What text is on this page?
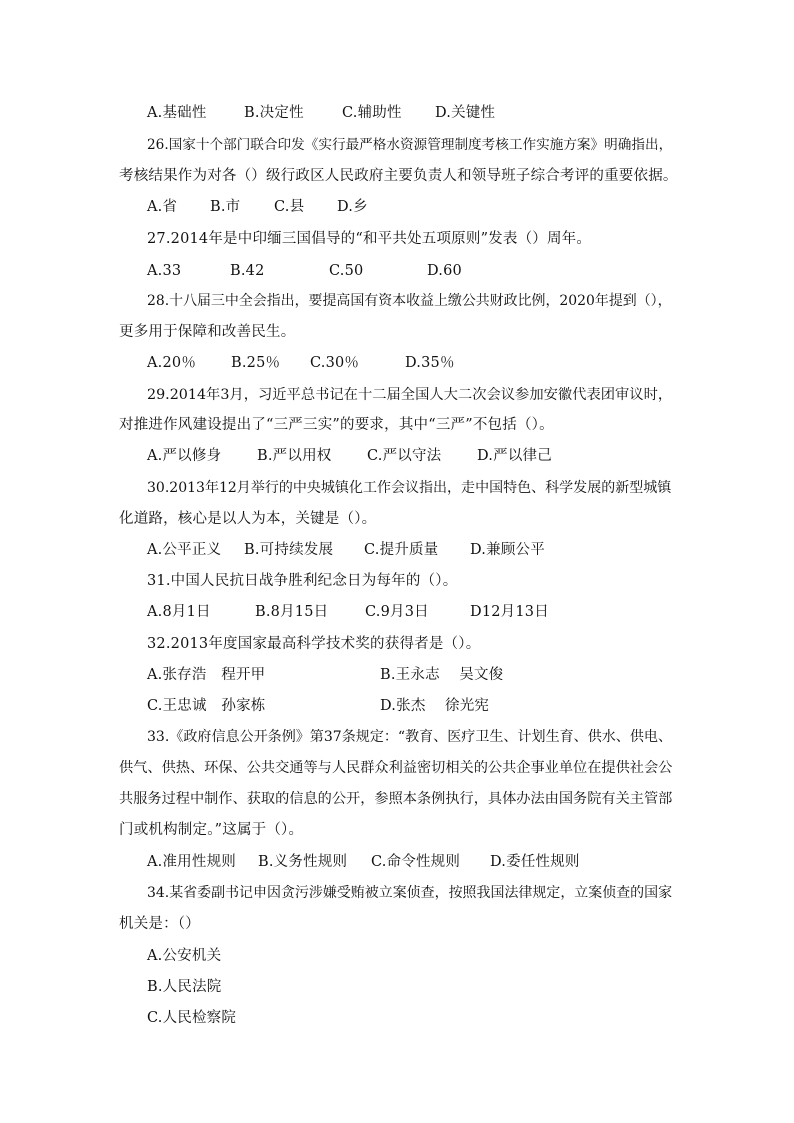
A.基础性	B.决定性	C.辅助性 D.关键性
26.国家十个部门联合印发《实行最严格水资源管理制度考核工作实施方案》明确指出，
考核结果作为对各（）级行政区人民政府主要负责人和领导班子综合考评的重要依据。
A.省 B.市 C.县 D.乡
27.2014年是中印缅三国倡导的“和平共处五项原则”发表（）周年。
A.33	B.42	C.50	D.60
28.十八届三中全会指出，要提高国有资本收益上缴公共财政比例，2020年提到（），
更多用于保障和改善民生。
A.20％ B.25％ C.30％	D.35％
29.2014年3月，习近平总书记在十二届全国人大二次会议参加安徽代表团审议时，
对推进作风建设提出了“三严三实”的要求，其中“三严”不包括（）。
A.严以修身 B.严以用权 C.严以守法 D.严以律己
30.2013年12月举行的中央城镇化工作会议指出，走中国特色、科学发展的新型城镇
化道路，核心是以人为本，关键是（）。
A.公平正义 B.可持续发展 C.提升质量 D.兼顾公平
31.中国人民抗日战争胜利纪念日为每年的（）。
A.8月1日	B.8月15日	C.9月3日	D12月13日
32.2013年度国家最高科学技术奖的获得者是（）。
A.张存浩　程开甲	B.王永志　 吴文俊
C.王忠诚　孙家栋	D.张杰　 徐光宪
33.《政府信息公开条例》第37条规定：“教育、医疗卫生、计划生育、供水、供电、
供气、供热、环保、公共交通等与人民群众利益密切相关的公共企事业单位在提供社会公
共服务过程中制作、获取的信息的公开，参照本条例执行，具体办法由国务院有关主管部
门或机构制定。”这属于（）。
A.准用性规则 B.义务性规则 C.命令性规则 D.委任性规则
34.某省委副书记申因贪污涉嫌受贿被立案侦查，按照我国法律规定，立案侦查的国家
机关是：（）
A.公安机关
B.人民法院
C.人民检察院
